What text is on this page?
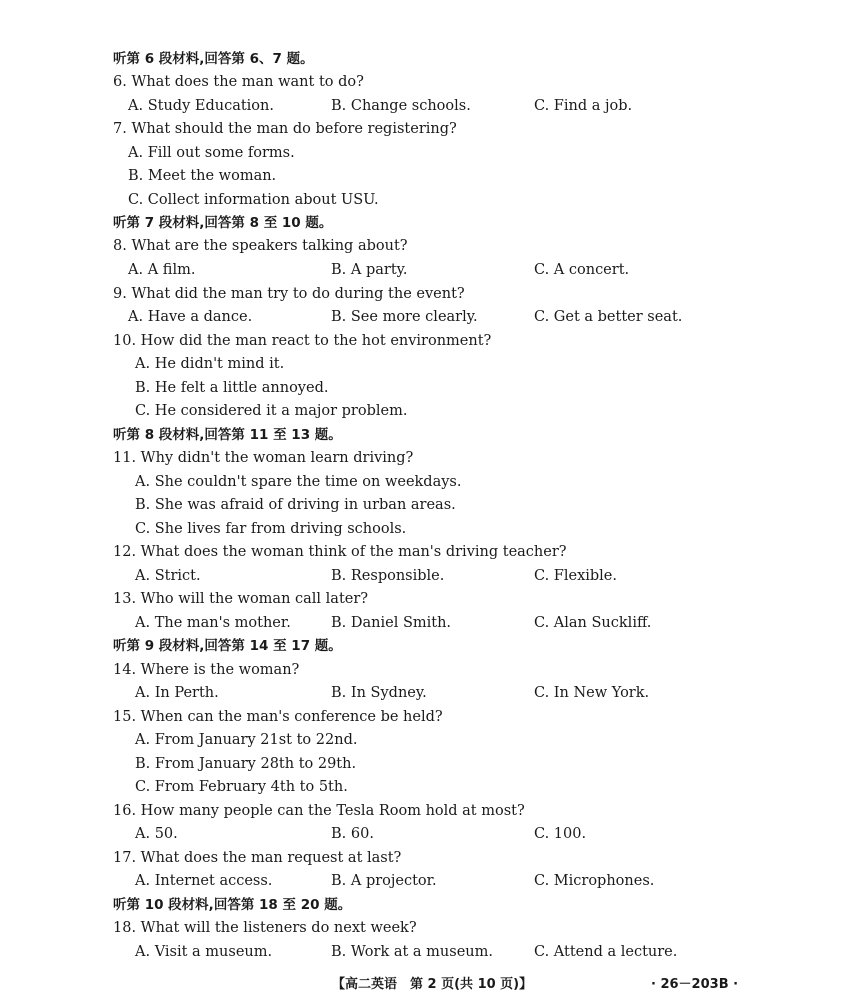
听第 6 段材料,回答第 6、7 题。
6. What does the man want to do?
A. Study Education.	B. Change schools.	C. Find a job.
7. What should the man do before registering?
A. Fill out some forms.
B. Meet the woman.
C. Collect information about USU.
听第 7 段材料,回答第 8 至 10 题。
8. What are the speakers talking about?
A. A film.	B. A party.	C. A concert.
9. What did the man try to do during the event?
A. Have a dance.	B. See more clearly.	C. Get a better seat.
10. How did the man react to the hot environment?
A. He didn't mind it.
B. He felt a little annoyed.
C. He considered it a major problem.
听第 8 段材料,回答第 11 至 13 题。
11. Why didn't the woman learn driving?
A. She couldn't spare the time on weekdays.
B. She was afraid of driving in urban areas.
C. She lives far from driving schools.
12. What does the woman think of the man's driving teacher?
A. Strict.	B. Responsible.	C. Flexible.
13. Who will the woman call later?
A. The man's mother.	B. Daniel Smith.	C. Alan Suckliff.
听第 9 段材料,回答第 14 至 17 题。
14. Where is the woman?
A. In Perth.	B. In Sydney.	C. In New York.
15. When can the man's conference be held?
A. From January 21st to 22nd.
B. From January 28th to 29th.
C. From February 4th to 5th.
16. How many people can the Tesla Room hold at most?
A. 50.	B. 60.	C. 100.
17. What does the man request at last?
A. Internet access.	B. A projector.	C. Microphones.
听第 10 段材料,回答第 18 至 20 题。
18. What will the listeners do next week?
A. Visit a museum.	B. Work at a museum.	C. Attend a lecture.
【高二英语　第 2 页(共 10 页)】	· 26－203B ·
